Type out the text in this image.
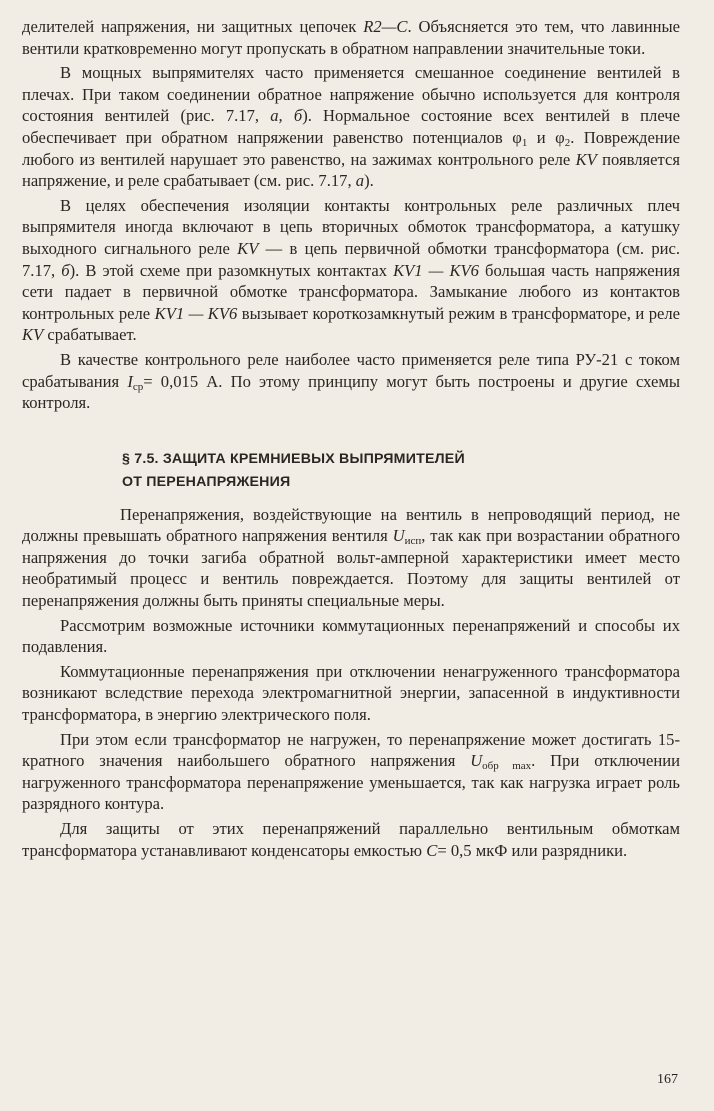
делителей напряжения, ни защитных цепочек R2—C. Объясняется это тем, что лавинные вентили кратковременно могут пропускать в обратном направлении значительные токи.

В мощных выпрямителях часто применяется смешанное соединение вентилей в плечах. При таком соединении обратное напряжение обычно используется для контроля состояния вентилей (рис. 7.17, а, б). Нормальное состояние всех вентилей в плече обеспечивает при обратном напряжении равенство потенциалов $\varphi_1$ и $\varphi_2$. Повреждение любого из вентилей нарушает это равенство, на зажимах контрольного реле KV появляется напряжение, и реле срабатывает (см. рис. 7.17, а).

В целях обеспечения изоляции контакты контрольных реле различных плеч выпрямителя иногда включают в цепь вторичных обмоток трансформатора, а катушку выходного сигнального реле KV — в цепь первичной обмотки трансформатора (см. рис. 7.17, б). В этой схеме при разомкнутых контактах KV1 — KV6 большая часть напряжения сети падает в первичной обмотке трансформатора. Замыкание любого из контактов контрольных реле KV1 — KV6 вызывает короткозамкнутый режим в трансформаторе, и реле KV срабатывает.

В качестве контрольного реле наиболее часто применяется реле типа РУ-21 с током срабатывания $I_{ср}= 0,015$ А. По этому принципу могут быть построены и другие схемы контроля.

§ 7.5. ЗАЩИТА КРЕМНИЕВЫХ ВЫПРЯМИТЕЛЕЙ
ОТ ПЕРЕНАПРЯЖЕНИЯ

Перенапряжения, воздействующие на вентиль в непроводящий период, не должны превышать обратного напряжения вентиля $U_{исп}$, так как при возрастании обратного напряжения до точки загиба обратной вольт-амперной характеристики имеет место необратимый процесс и вентиль повреждается. Поэтому для защиты вентилей от перенапряжения должны быть приняты специальные меры.

Рассмотрим возможные источники коммутационных перенапряжений и способы их подавления.

Коммутационные перенапряжения при отключении ненагруженного трансформатора возникают вследствие перехода электромагнитной энергии, запасенной в индуктивности трансформатора, в энергию электрического поля.

При этом если трансформатор не нагружен, то перенапряжение может достигать 15-кратного значения наибольшего обратного напряжения $U_{обр max}$. При отключении нагруженного трансформатора перенапряжение уменьшается, так как нагрузка играет роль разрядного контура.

Для защиты от этих перенапряжений параллельно вентильным обмоткам трансформатора устанавливают конденсаторы емкостью C= 0,5 мкФ или разрядники.

167
